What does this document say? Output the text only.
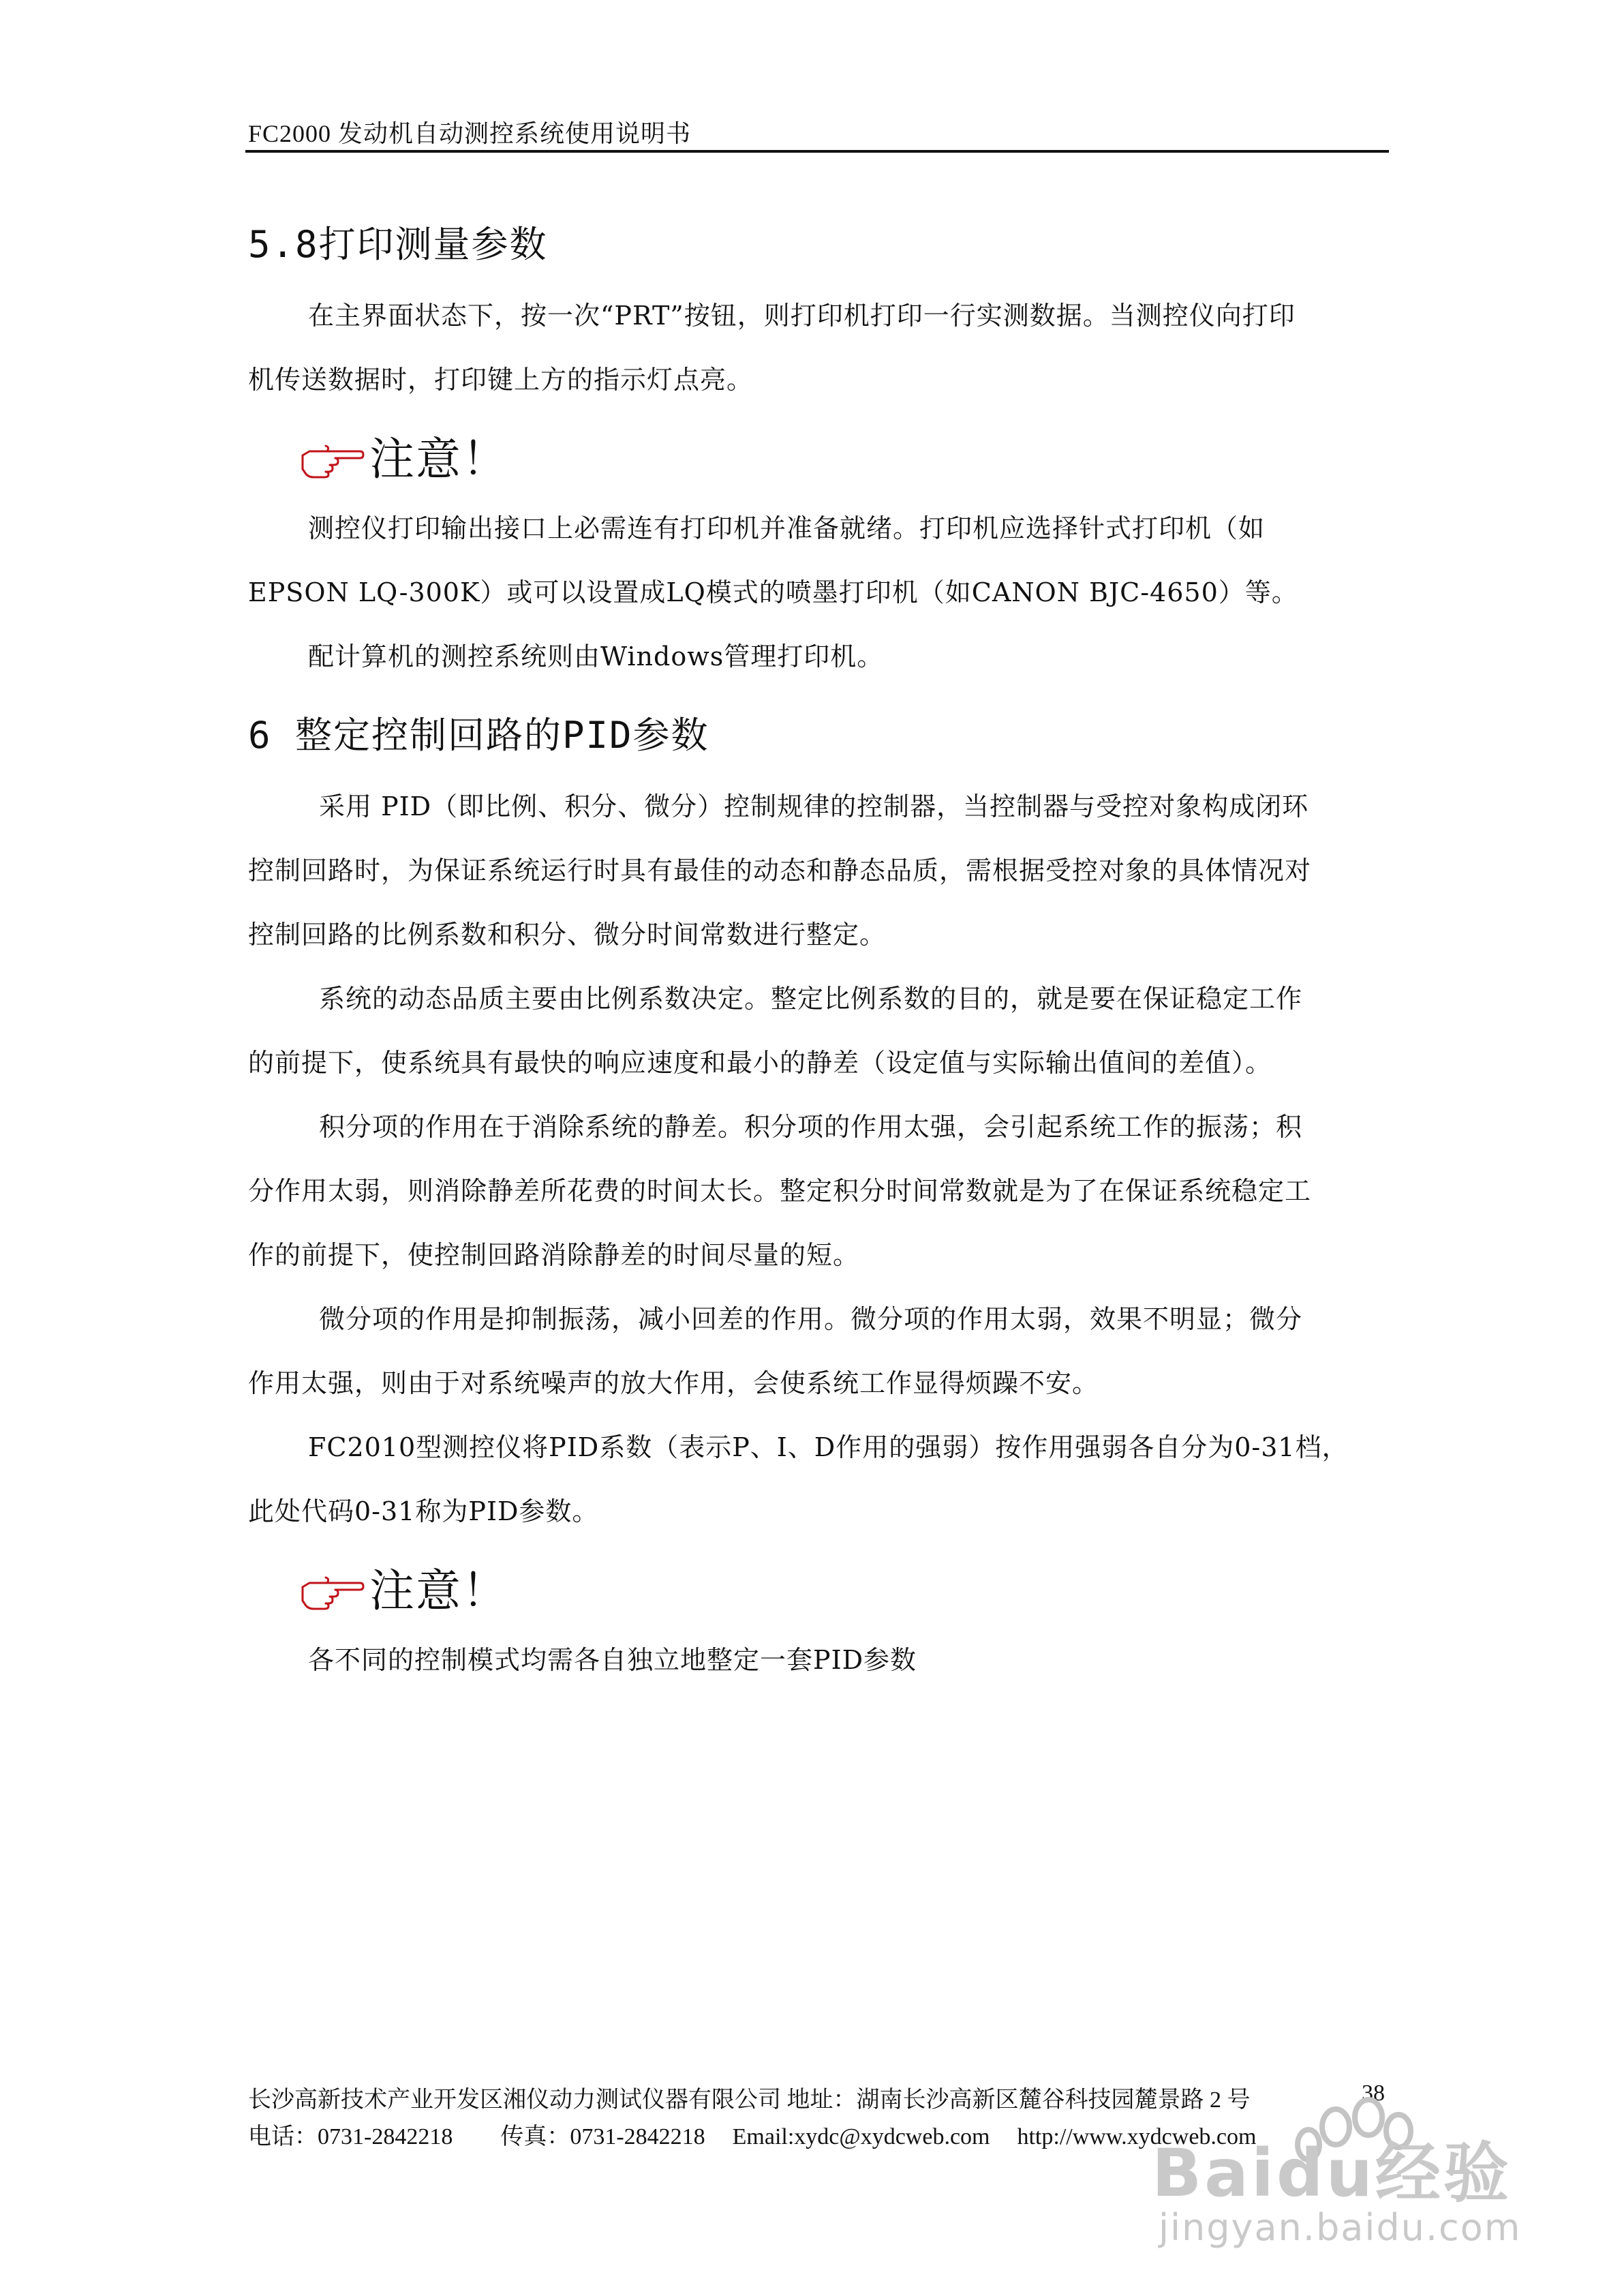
FC2000 发动机自动测控系统使用说明书
5.8打印测量参数
在主界面状态下，按一次“PRT”按钮，则打印机打印一行实测数据。当测控仪向打印
机传送数据时，打印键上方的指示灯点亮。
注意！
测控仪打印输出接口上必需连有打印机并准备就绪。打印机应选择针式打印机（如
EPSON LQ-300K）或可以设置成LQ模式的喷墨打印机（如CANON BJC-4650）等。
配计算机的测控系统则由Windows管理打印机。
6 整定控制回路的PID参数
采用 PID（即比例、积分、微分）控制规律的控制器，当控制器与受控对象构成闭环
控制回路时，为保证系统运行时具有最佳的动态和静态品质，需根据受控对象的具体情况对
控制回路的比例系数和积分、微分时间常数进行整定。
系统的动态品质主要由比例系数决定。整定比例系数的目的，就是要在保证稳定工作
的前提下，使系统具有最快的响应速度和最小的静差（设定值与实际输出值间的差值）。
积分项的作用在于消除系统的静差。积分项的作用太强，会引起系统工作的振荡；积
分作用太弱，则消除静差所花费的时间太长。整定积分时间常数就是为了在保证系统稳定工
作的前提下，使控制回路消除静差的时间尽量的短。
微分项的作用是抑制振荡，减小回差的作用。微分项的作用太弱，效果不明显；微分
作用太强，则由于对系统噪声的放大作用，会使系统工作显得烦躁不安。
FC2010型测控仪将PID系数（表示P、I、D作用的强弱）按作用强弱各自分为0-31档，
此处代码0-31称为PID参数。
注意！
各不同的控制模式均需各自独立地整定一套PID参数
长沙高新技术产业开发区湘仪动力测试仪器有限公司 地址：湖南长沙高新区麓谷科技园麓景路 2 号	38
电话：0731-2842218 传真：0731-2842218 Email:xydc@xydcweb.com http://www.xydcweb.com
Baidu经验
jingyan.baidu.com
